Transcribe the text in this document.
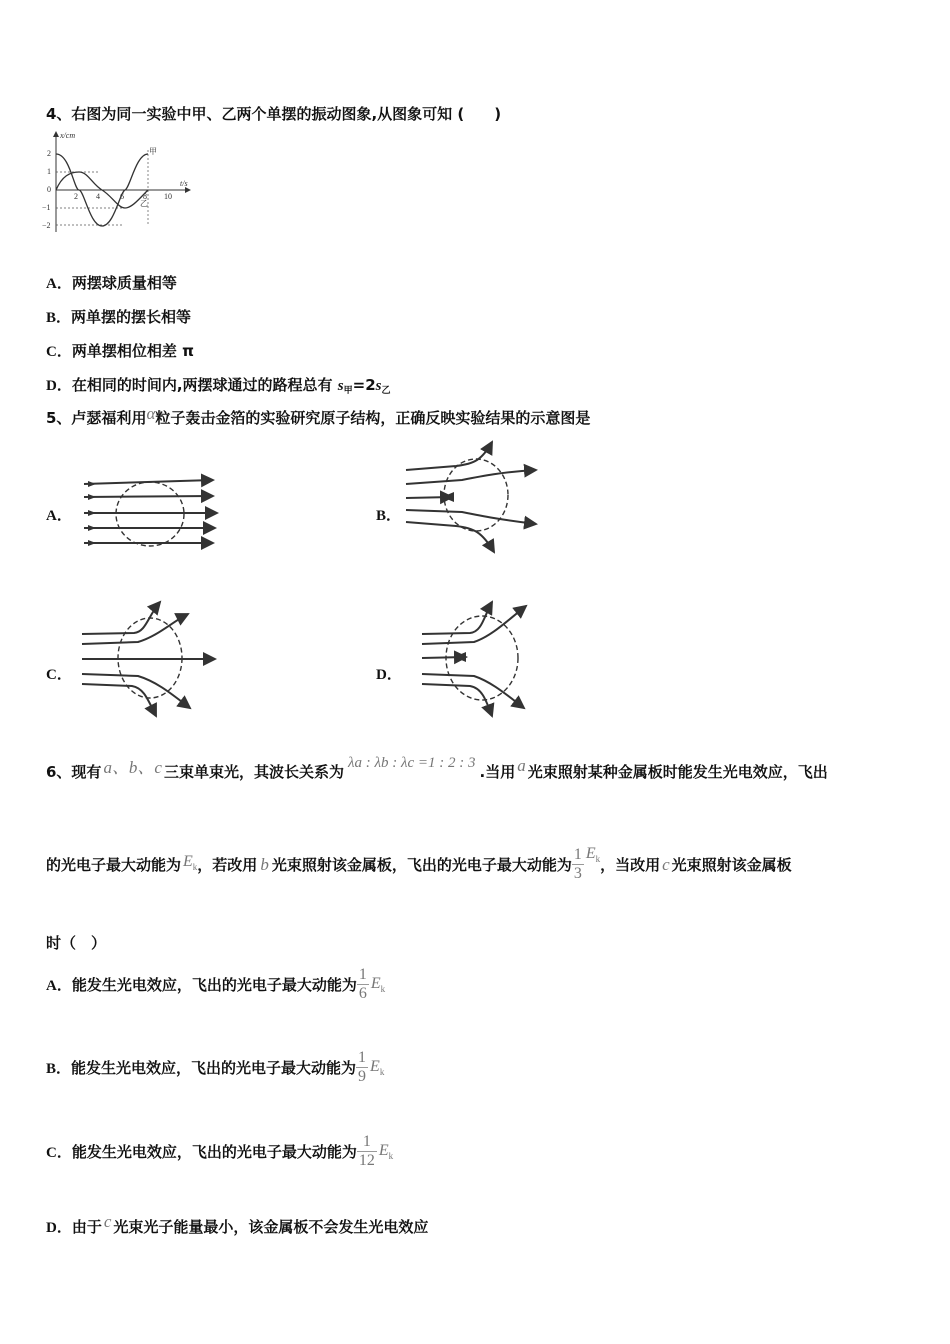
4、右图为同一实验中甲、乙两个单摆的振动图象,从图象可知 (　　)
x/cm
t/s
2
1
0
−1
−2
2 4	6 8 10
甲
乙
A．两摆球质量相等
B．两单摆的摆长相等
C．两单摆相位相差 π
D．在相同的时间内,两摆球通过的路程总有 $s_甲=2s_乙$
5、卢瑟福利用α粒子轰击金箔的实验研究原子结构，正确反映实验结果的示意图是
A．	B．
C．	D．
6、现有 a、b、c 三束单束光，其波长关系为 λa : λb : λc =1 : 2 : 3 .当用 a 光束照射某种金属板时能发生光电效应，飞出
的光电子最大动能为 $E_k$ ，若改用 b 光束照射该金属板，飞出的光电子最大动能为 $\frac{1}{3} E_k$ ，当改用 c 光束照射该金属板
时（　）
A． 能发生光电效应，飞出的光电子最大动能为 $\frac{1}{6} E_k$
B． 能发生光电效应，飞出的光电子最大动能为 $\frac{1}{9} E_k$
C． 能发生光电效应，飞出的光电子最大动能为 $\frac{1}{12} E_k$
D．由于 c 光束光子能量最小，该金属板不会发生光电效应
